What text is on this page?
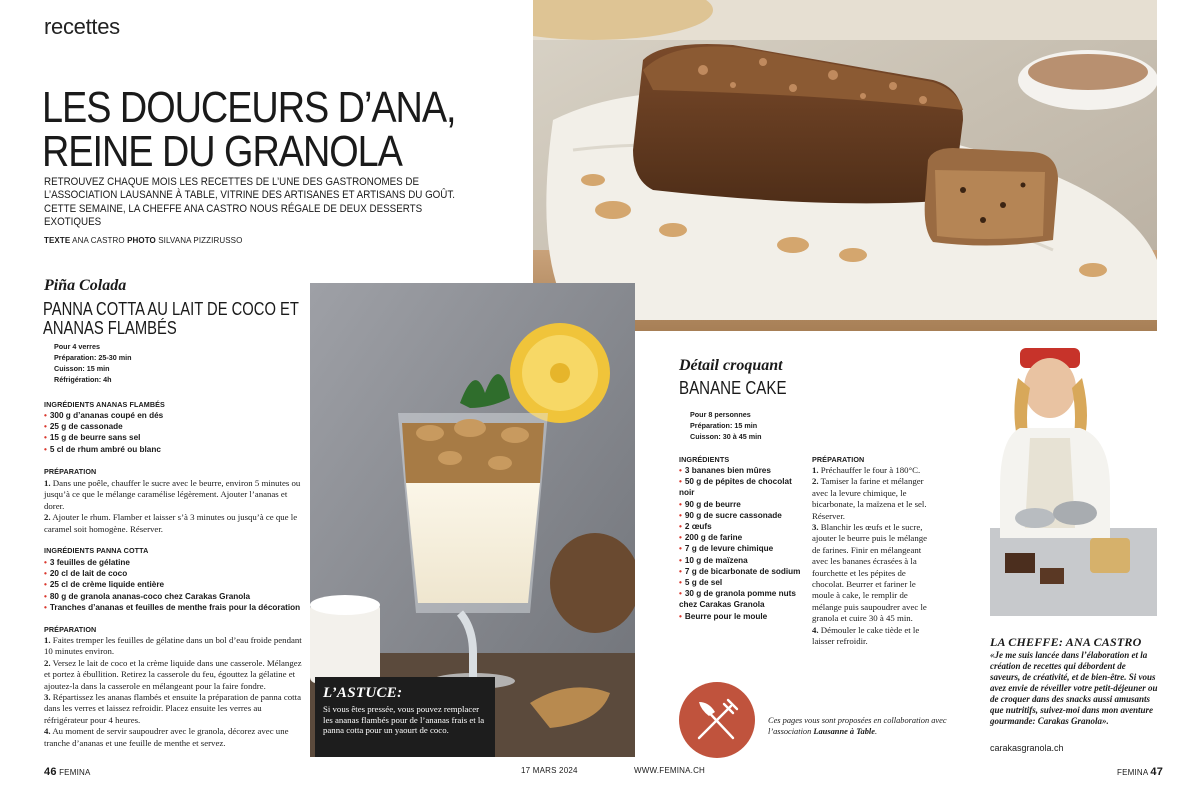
recettes
LES DOUCEURS D’ANA,
REINE DU GRANOLA
RETROUVEZ CHAQUE MOIS LES RECETTES DE L’UNE DES GASTRONOMES DE
L’ASSOCIATION LAUSANNE À TABLE, VITRINE DES ARTISANES ET ARTISANS DU GOÛT.
CETTE SEMAINE, LA CHEFFE ANA CASTRO NOUS RÉGALE DE DEUX DESSERTS
EXOTIQUES
TEXTE ANA CASTRO PHOTO SILVANA PIZZIRUSSO
Piña Colada
PANNA COTTA AU LAIT DE COCO ET
ANANAS FLAMBÉS
Pour 4 verres
Préparation: 25-30 min
Cuisson: 15 min
Réfrigération: 4h
INGRÉDIENTS ANANAS FLAMBÉS
• 300 g d’ananas coupé en dés
• 25 g de cassonade
• 15 g de beurre sans sel
• 5 cl de rhum ambré ou blanc
PRÉPARATION

1. Dans une poêle, chauffer le sucre avec le beurre, environ 5 minutes ou jusqu’à ce que le mélange caramélise légèrement. Ajouter l’ananas et dorer.

2. Ajouter le rhum. Flamber et laisser s’à 3 minutes ou jusqu’à ce que le caramel soit homogène. Réserver.

INGRÉDIENTS PANNA COTTA
• 3 feuilles de gélatine
• 20 cl de lait de coco
• 25 cl de crème liquide entière
• 80 g de granola ananas-coco chez Carakas Granola
• Tranches d’ananas et feuilles de menthe frais pour la décoration
PRÉPARATION

1. Faites tremper les feuilles de gélatine dans un bol d’eau froide pendant 10 minutes environ.

2. Versez le lait de coco et la crème liquide dans une casserole. Mélangez et portez à ébullition. Retirez la casserole du feu, égouttez la gélatine et ajoutez-la dans la casserole en mélangeant pour la faire fondre.

3. Répartissez les ananas flambés et ensuite la préparation de panna cotta dans les verres et laissez refroidir. Placez ensuite les verres au réfrigérateur pour 4 heures.

4. Au moment de servir saupoudrer avec le granola, décorez avec une tranche d’ananas et une feuille de menthe et servez.

L’ASTUCE:
Si vous êtes pressée, vous pouvez remplacer les ananas flambés pour de l’ananas frais et la panna cotta pour un yaourt de coco.
Détail croquant
BANANE CAKE
Pour 8 personnes
Préparation: 15 min
Cuisson: 30 à 45 min
INGRÉDIENTS
• 3 bananes bien mûres
• 50 g de pépites de chocolat noir
• 90 g de beurre
• 90 g de sucre cassonade
• 2 œufs
• 200 g de farine
• 7 g de levure chimique
• 10 g de maïzena
• 7 g de bicarbonate de sodium
• 5 g de sel
• 30 g de granola pomme nuts chez Carakas Granola
• Beurre pour le moule
PRÉPARATION

1. Préchauffer le four à 180°C.

2. Tamiser la farine et mélanger avec la levure chimique, le bicarbonate, la maïzena et le sel. Réserver.

3. Blanchir les œufs et le sucre, ajouter le beurre puis le mélange de farines. Finir en mélangeant avec les bananes écrasées à la fourchette et les pépites de chocolat. Beurrer et fariner le moule à cake, le remplir de mélange puis saupoudrer avec le granola et cuire 30 à 45 min.

4. Démouler le cake tiède et le laisser refroidir.	LA CHEFFE: ANA CASTRO
«Je me suis lancée dans l’élaboration et la création de recettes qui débordent de saveurs, de créativité, et de bien-être. Si vous avez envie de réveiller votre petit-déjeuner ou de croquer dans des snacks aussi amusants que nutritifs, suivez-moi dans mon aventure gourmande: Carakas Granola».
carakasgranola.ch
Ces pages vous sont proposées en collaboration avec l’association Lausanne à Table.
46 FEMINA	17 MARS 2024	WWW.FEMINA.CH	FEMINA 47
